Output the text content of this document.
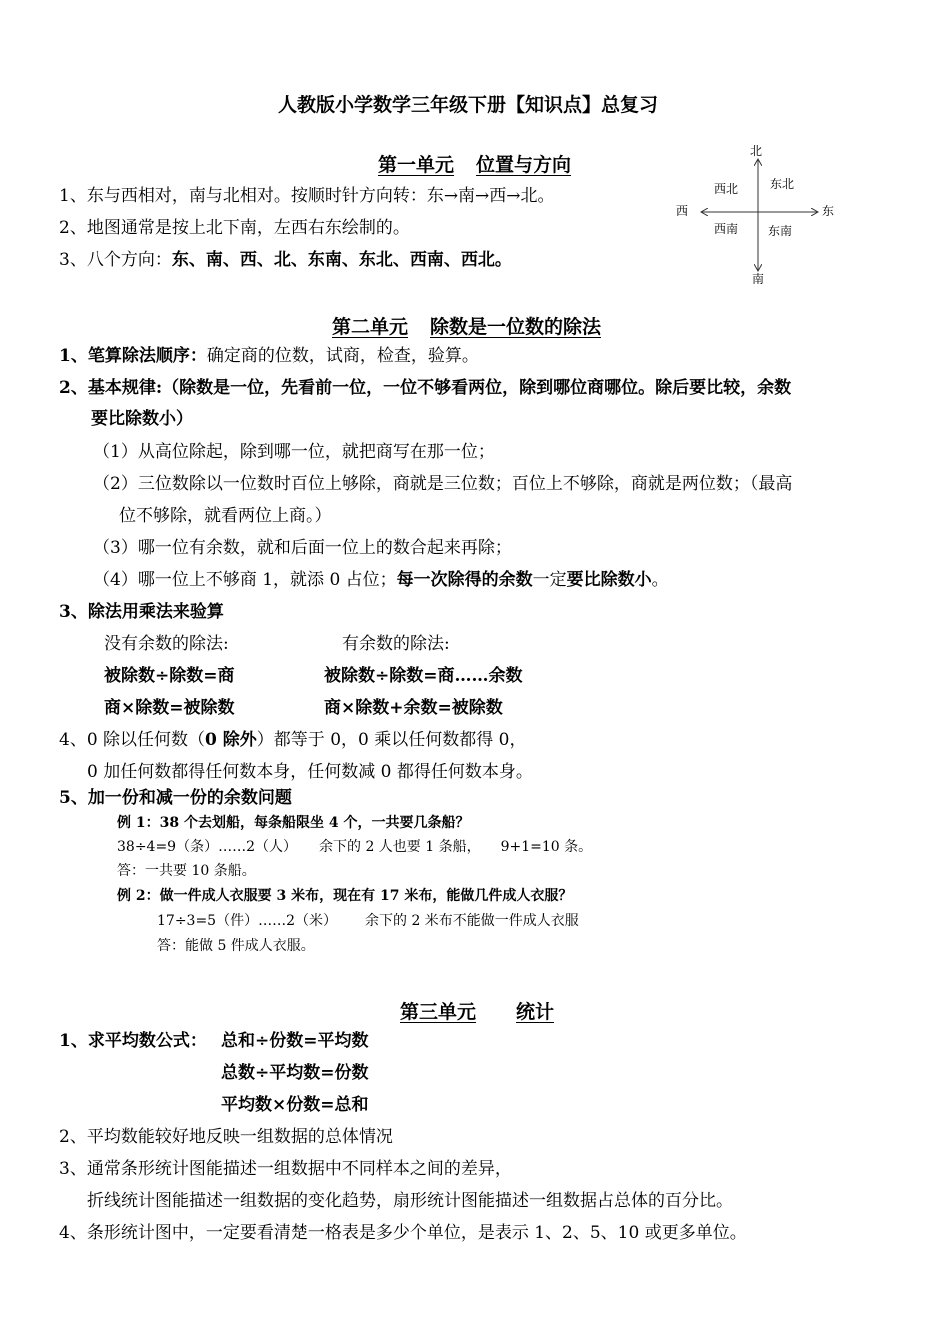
人教版小学数学三年级下册【知识点】总复习
第一单元 位置与方向
1、东与西相对，南与北相对。按顺时针方向转：东→南→西→北。
2、地图通常是按上北下南，左西右东绘制的。
3、八个方向：东、南、西、北、东南、东北、西南、西北。
北
南
东
西
西北	东北
西南 东南
第二单元 除数是一位数的除法
1、笔算除法顺序：确定商的位数，试商，检查，验算。
2、基本规律:（除数是一位，先看前一位，一位不够看两位，除到哪位商哪位。除后要比较，余数
要比除数小）
（1）从高位除起，除到哪一位，就把商写在那一位；
（2）三位数除以一位数时百位上够除，商就是三位数；百位上不够除，商就是两位数；（最高
位不够除，就看两位上商。）
（3）哪一位有余数，就和后面一位上的数合起来再除；
（4）哪一位上不够商 1，就添 0 占位；每一次除得的余数一定要比除数小。
3、除法用乘法来验算
没有余数的除法:	有余数的除法:
被除数÷除数=商	被除数÷除数=商……余数
商×除数=被除数	商×除数+余数=被除数
4、0 除以任何数（0 除外）都等于 0，0 乘以任何数都得 0，
0 加任何数都得任何数本身，任何数减 0 都得任何数本身。
5、加一份和减一份的余数问题
例 1：38 个去划船，每条船限坐 4 个，一共要几条船？
38÷4=9（条）……2（人） 余下的 2 人也要 1 条船， 9+1=10 条。
答：一共要 10 条船。
例 2：做一件成人衣服要 3 米布，现在有 17 米布，能做几件成人衣服？
17÷3=5（件）……2（米） 余下的 2 米布不能做一件成人衣服
答：能做 5 件成人衣服。
第三单元 统计
1、求平均数公式： 总和÷份数=平均数
总数÷平均数=份数
平均数×份数=总和
2、平均数能较好地反映一组数据的总体情况
3、通常条形统计图能描述一组数据中不同样本之间的差异，
折线统计图能描述一组数据的变化趋势，扇形统计图能描述一组数据占总体的百分比。
4、条形统计图中，一定要看清楚一格表是多少个单位，是表示 1、2、5、10 或更多单位。
